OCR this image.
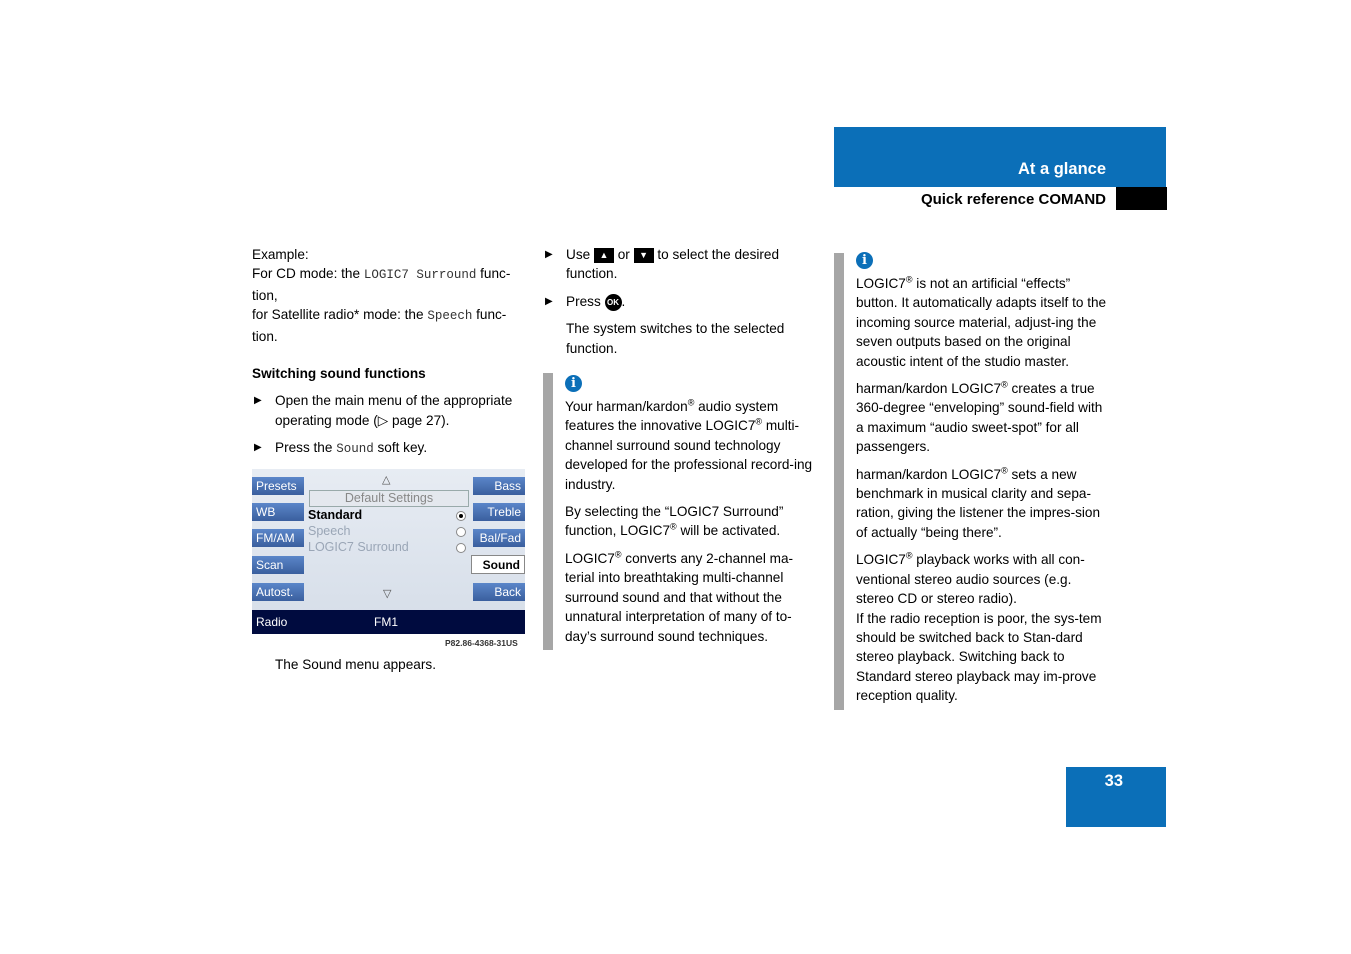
At a glance
Quick reference COMAND

Example:

For CD mode: the LOGIC7 Surround func-
tion,

for Satellite radio* mode: the Speech func-
tion.

Switching sound functions

▶ Open the main menu of the appropriate operating mode (▷ page 27).

▶ Press the Sound soft key.

Presets
WB
FM/AM
Scan
Autost.
Bass
Treble
Bal/Fad
Sound
Back
△
Default Settings
Standard
Speech
LOGIC7 Surround
▽
Radio	FM1
P82.86-4368-31US

The Sound menu appears.

▶ Use ▲ or ▼ to select the desired function.

▶ Press OK .

The system switches to the selected function.

i

Your harman/kardon® audio system features the innovative LOGIC7® multi-channel surround sound technology developed for the professional record-ing industry.

By selecting the “LOGIC7 Surround” function, LOGIC7® will be activated.

LOGIC7® converts any 2-channel ma-terial into breathtaking multi-channel surround sound and that without the unnatural interpretation of many of to-day’s surround sound techniques.

i

LOGIC7® is not an artificial “effects” button. It automatically adapts itself to the incoming source material, adjust-ing the seven outputs based on the original acoustic intent of the studio master.

harman/kardon LOGIC7® creates a true 360-degree “enveloping” sound-field with a maximum “audio sweet-spot” for all passengers.

harman/kardon LOGIC7® sets a new benchmark in musical clarity and sepa-ration, giving the listener the impres-sion of actually “being there”.

LOGIC7® playback works with all con-ventional stereo audio sources (e.g. stereo CD or stereo radio).

If the radio reception is poor, the sys-tem should be switched back to Stan-dard stereo playback. Switching back to Standard stereo playback may im-prove reception quality.

33
